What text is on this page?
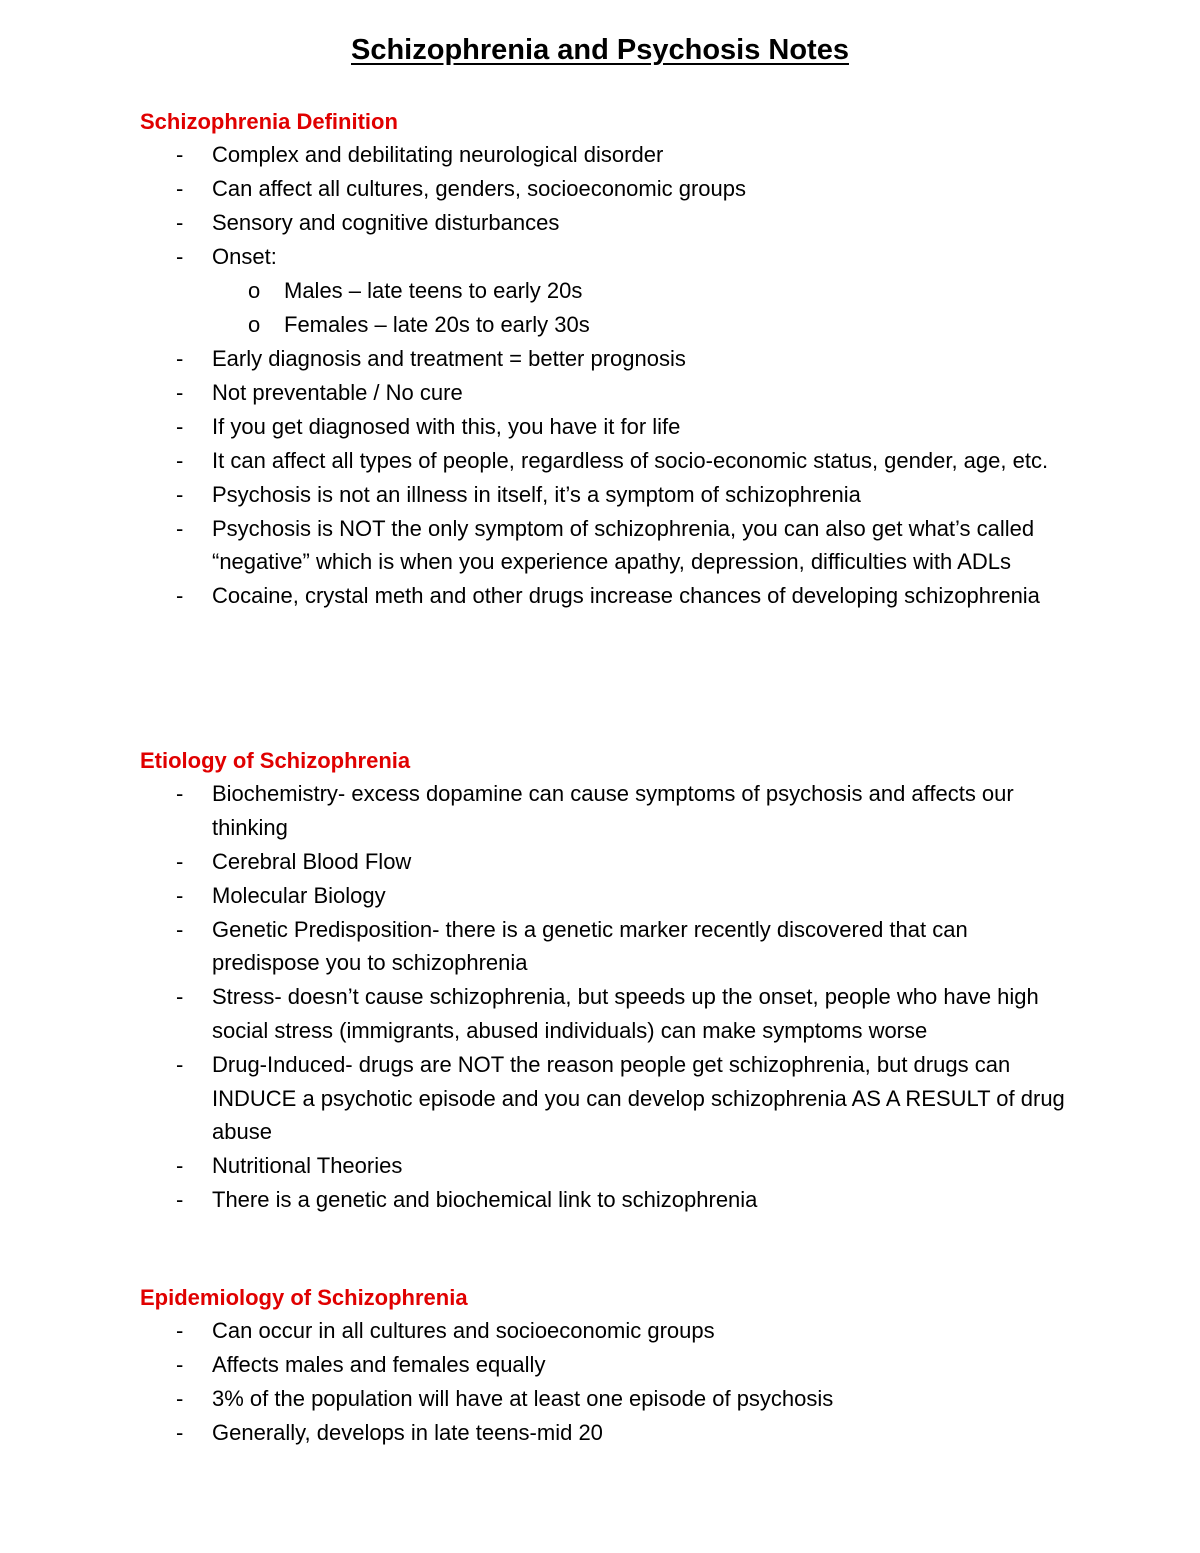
Schizophrenia and Psychosis Notes
Schizophrenia Definition
- Complex and debilitating neurological disorder
- Can affect all cultures, genders, socioeconomic groups
- Sensory and cognitive disturbances
- Onset:
o Males – late teens to early 20s
o Females – late 20s to early 30s
- Early diagnosis and treatment = better prognosis
- Not preventable / No cure
- If you get diagnosed with this, you have it for life
- It can affect all types of people, regardless of socio-economic status, gender, age, etc.
- Psychosis is not an illness in itself, it’s a symptom of schizophrenia
- Psychosis is NOT the only symptom of schizophrenia, you can also get what’s called “negative” which is when you experience apathy, depression, difficulties with ADLs
- Cocaine, crystal meth and other drugs increase chances of developing schizophrenia
Etiology of Schizophrenia
- Biochemistry- excess dopamine can cause symptoms of psychosis and affects our thinking
- Cerebral Blood Flow
- Molecular Biology
- Genetic Predisposition- there is a genetic marker recently discovered that can predispose you to schizophrenia
- Stress- doesn’t cause schizophrenia, but speeds up the onset, people who have high social stress (immigrants, abused individuals) can make symptoms worse
- Drug-Induced- drugs are NOT the reason people get schizophrenia, but drugs can INDUCE a psychotic episode and you can develop schizophrenia AS A RESULT of drug abuse
- Nutritional Theories
- There is a genetic and biochemical link to schizophrenia
Epidemiology of Schizophrenia
- Can occur in all cultures and socioeconomic groups
- Affects males and females equally
- 3% of the population will have at least one episode of psychosis
- Generally, develops in late teens-mid 20
